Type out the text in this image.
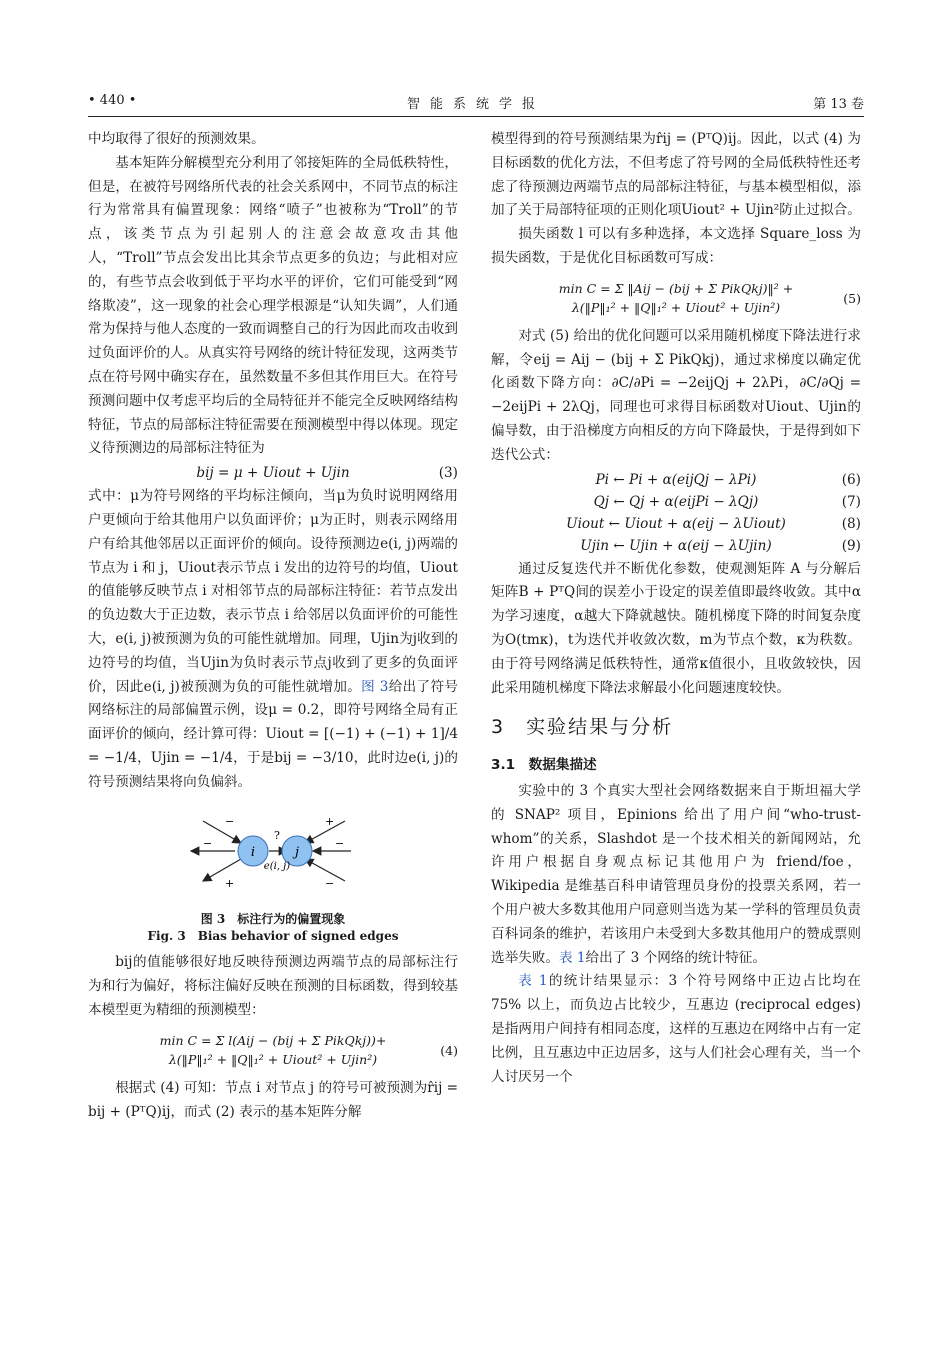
• 440 •	智能系统学报	第 13 卷

中均取得了很好的预测效果。

基本矩阵分解模型充分利用了邻接矩阵的全局低秩特性，但是，在被符号网络所代表的社会关系网中，不同节点的标注行为常常具有偏置现象：网络“喷子”也被称为“Troll”的节点，该类节点为引起别人的注意会故意攻击其他人，“Troll”节点会发出比其余节点更多的负边；与此相对应的，有些节点会收到低于平均水平的评价，它们可能受到“网络欺凌”，这一现象的社会心理学根源是“认知失调”，人们通常为保持与他人态度的一致而调整自己的行为因此而攻击收到过负面评价的人。从真实符号网络的统计特征发现，这两类节点在符号网中确实存在，虽然数量不多但其作用巨大。在符号预测问题中仅考虑平均后的全局特征并不能完全反映网络结构特征，节点的局部标注特征需要在预测模型中得以体现。现定义待预测边的局部标注特征为

bij = μ + Uiout + Ujin	(3)

式中：μ为符号网络的平均标注倾向，当μ为负时说明网络用户更倾向于给其他用户以负面评价；μ为正时，则表示网络用户有给其他邻居以正面评价的倾向。设待预测边e(i, j)两端的节点为 i 和 j，Uiout表示节点 i 发出的边符号的均值，Uiout的值能够反映节点 i 对相邻节点的局部标注特征：若节点发出的负边数大于正边数，表示节点 i 给邻居以负面评价的可能性大，e(i, j)被预测为负的可能性就增加。同理，Ujin为j收到的边符号的均值，当Ujin为负时表示节点j收到了更多的负面评价，因此e(i, j)被预测为负的可能性就增加。图 3给出了符号网络标注的局部偏置示例，设μ = 0.2，即符号网络全局有正面评价的倾向，经计算可得：Uiout = [(−1) + (−1) + 1]/4 = −1/4，Ujin = −1/4，于是bij = −3/10，此时边e(i, j)的符号预测结果将向负偏斜。

i	j
?
e(i, j)
−
−
+
+
−
−
图 3　标注行为的偏置现象
Fig. 3　Bias behavior of signed edges

bij的值能够很好地反映待预测边两端节点的局部标注行为和行为偏好，将标注偏好反映在预测的目标函数，得到较基本模型更为精细的预测模型：

min C = Σ l(Aij − (bij + Σ PikQkj))+
λ(‖P‖₁² + ‖Q‖₁² + Uiout² + Ujin²)
(4)

根据式 (4) 可知：节点 i 对节点 j 的符号可被预测为r̂ij = bij + (PᵀQ)ij，而式 (2) 表示的基本矩阵分解

模型得到的符号预测结果为r̂ij = (PᵀQ)ij。因此，以式 (4) 为目标函数的优化方法，不但考虑了符号网的全局低秩特性还考虑了待预测边两端节点的局部标注特征，与基本模型相似，添加了关于局部特征项的正则化项Uiout² + Ujin²防止过拟合。

损失函数 l 可以有多种选择，本文选择 Square_loss 为损失函数，于是优化目标函数可写成：

min C = Σ ‖Aij − (bij + Σ PikQkj)‖² +
λ(‖P‖₁² + ‖Q‖₁² + Uiout² + Ujin²)
(5)

对式 (5) 给出的优化问题可以采用随机梯度下降法进行求解，令eij = Aij − (bij + Σ PikQkj)，通过求梯度以确定优化函数下降方向：∂C/∂Pi = −2eijQj + 2λPi，∂C/∂Qj = −2eijPi + 2λQj，同理也可求得目标函数对Uiout、Ujin的偏导数，由于沿梯度方向相反的方向下降最快，于是得到如下迭代公式：

Pi ← Pi + α(eijQj − λPi)	(6)
Qj ← Qj + α(eijPi − λQj)	(7)
Uiout ← Uiout + α(eij − λUiout)	(8)
Ujin ← Ujin + α(eij − λUjin)	(9)

通过反复迭代并不断优化参数，使观测矩阵 A 与分解后矩阵B + PᵀQ间的误差小于设定的误差值即最终收敛。其中α为学习速度，α越大下降就越快。随机梯度下降的时间复杂度为O(tmκ)，t为迭代并收敛次数，m为节点个数，κ为秩数。由于符号网络满足低秩特性，通常κ值很小，且收敛较快，因此采用随机梯度下降法求解最小化问题速度较快。

3　实验结果与分析
3.1　数据集描述

实验中的 3 个真实大型社会网络数据来自于斯坦福大学的 SNAP² 项目，Epinions 给出了用户间“who-trust-whom”的关系，Slashdot 是一个技术相关的新闻网站，允许用户根据自身观点标记其他用户为 friend/foe，Wikipedia 是维基百科申请管理员身份的投票关系网，若一个用户被大多数其他用户同意则当选为某一学科的管理员负责百科词条的维护，若该用户未受到大多数其他用户的赞成票则选举失败。表 1给出了 3 个网络的统计特征。

表 1的统计结果显示：3 个符号网络中正边占比均在 75% 以上，而负边占比较少，互惠边 (reciprocal edges) 是指两用户间持有相同态度，这样的互惠边在网络中占有一定比例，且互惠边中正边居多，这与人们社会心理有关，当一个人讨厌另一个
